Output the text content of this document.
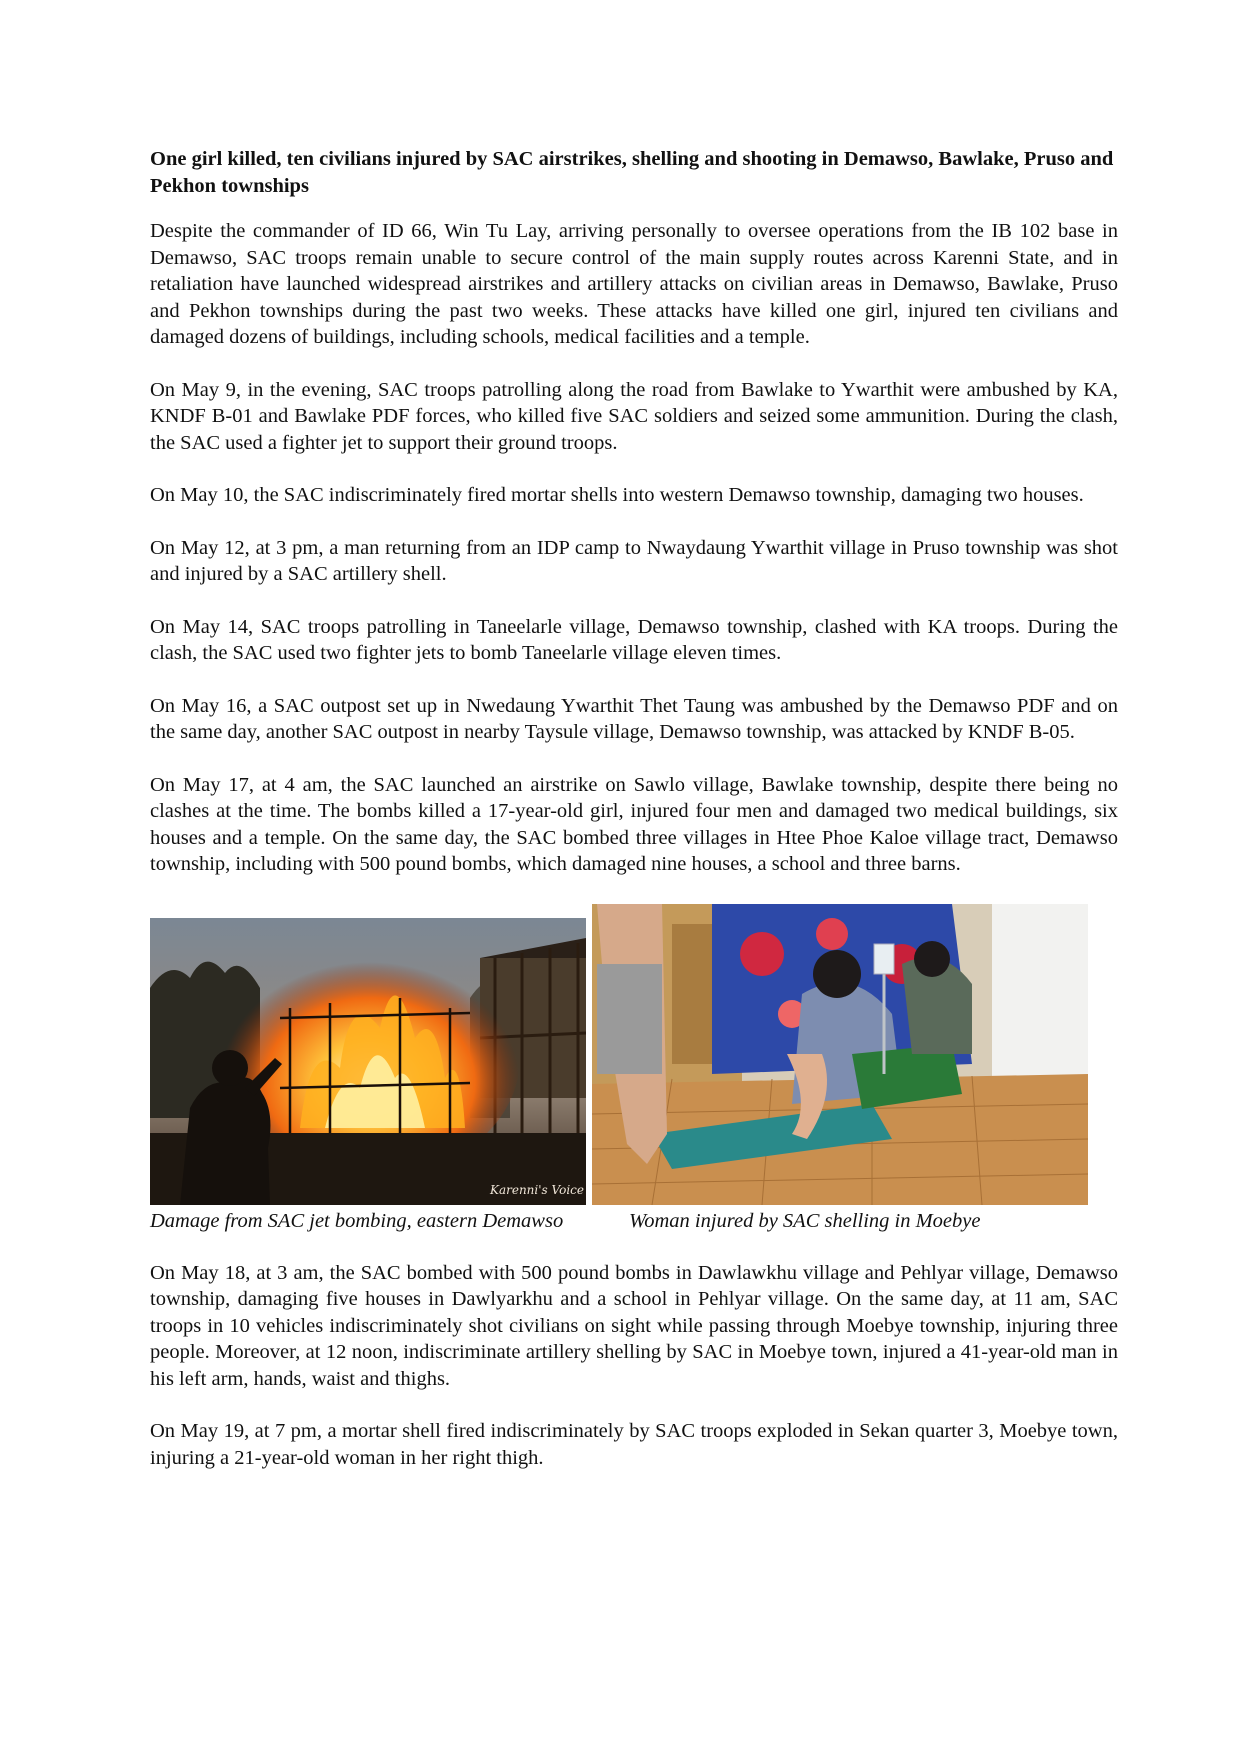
One girl killed, ten civilians injured by SAC airstrikes, shelling and shooting in Demawso, Bawlake, Pruso and Pekhon townships

Despite the commander of ID 66, Win Tu Lay, arriving personally to oversee operations from the IB 102 base in Demawso, SAC troops remain unable to secure control of the main supply routes across Karenni State, and in retaliation have launched widespread airstrikes and artillery attacks on civilian areas in Demawso, Bawlake, Pruso and Pekhon townships during the past two weeks. These attacks have killed one girl, injured ten civilians and damaged dozens of buildings, including schools, medical facilities and a temple.

On May 9, in the evening, SAC troops patrolling along the road from Bawlake to Ywarthit were ambushed by KA, KNDF B-01 and Bawlake PDF forces, who killed five SAC soldiers and seized some ammunition. During the clash, the SAC used a fighter jet to support their ground troops.

On May 10, the SAC indiscriminately fired mortar shells into western Demawso township, damaging two houses.

On May 12, at 3 pm, a man returning from an IDP camp to Nwaydaung Ywarthit village in Pruso township was shot and injured by a SAC artillery shell.

On May 14, SAC troops patrolling in Taneelarle village, Demawso township, clashed with KA troops. During the clash, the SAC used two fighter jets to bomb Taneelarle village eleven times.

On May 16, a SAC outpost set up in Nwedaung Ywarthit Thet Taung was ambushed by the Demawso PDF and on the same day, another SAC outpost in nearby Taysule village, Demawso township, was attacked by KNDF B-05.

On May 17, at 4 am, the SAC launched an airstrike on Sawlo village, Bawlake township, despite there being no clashes at the time. The bombs killed a 17-year-old girl, injured four men and damaged two medical buildings, six houses and a temple. On the same day, the SAC bombed three villages in Htee Phoe Kaloe village tract, Demawso township, including with 500 pound bombs, which damaged nine houses, a school and three barns.

Karenni's Voice
Damage from SAC jet bombing, eastern Demawso	Woman injured by SAC shelling in Moebye

On May 18, at 3 am, the SAC bombed with 500 pound bombs in Dawlawkhu village and Pehlyar village, Demawso township, damaging five houses in Dawlyarkhu and a school in Pehlyar village. On the same day, at 11 am, SAC troops in 10 vehicles indiscriminately shot civilians on sight while passing through Moebye township, injuring three people. Moreover, at 12 noon, indiscriminate artillery shelling by SAC in Moebye town, injured a 41-year-old man in his left arm, hands, waist and thighs.

On May 19, at 7 pm, a mortar shell fired indiscriminately by SAC troops exploded in Sekan quarter 3, Moebye town, injuring a 21-year-old woman in her right thigh.
